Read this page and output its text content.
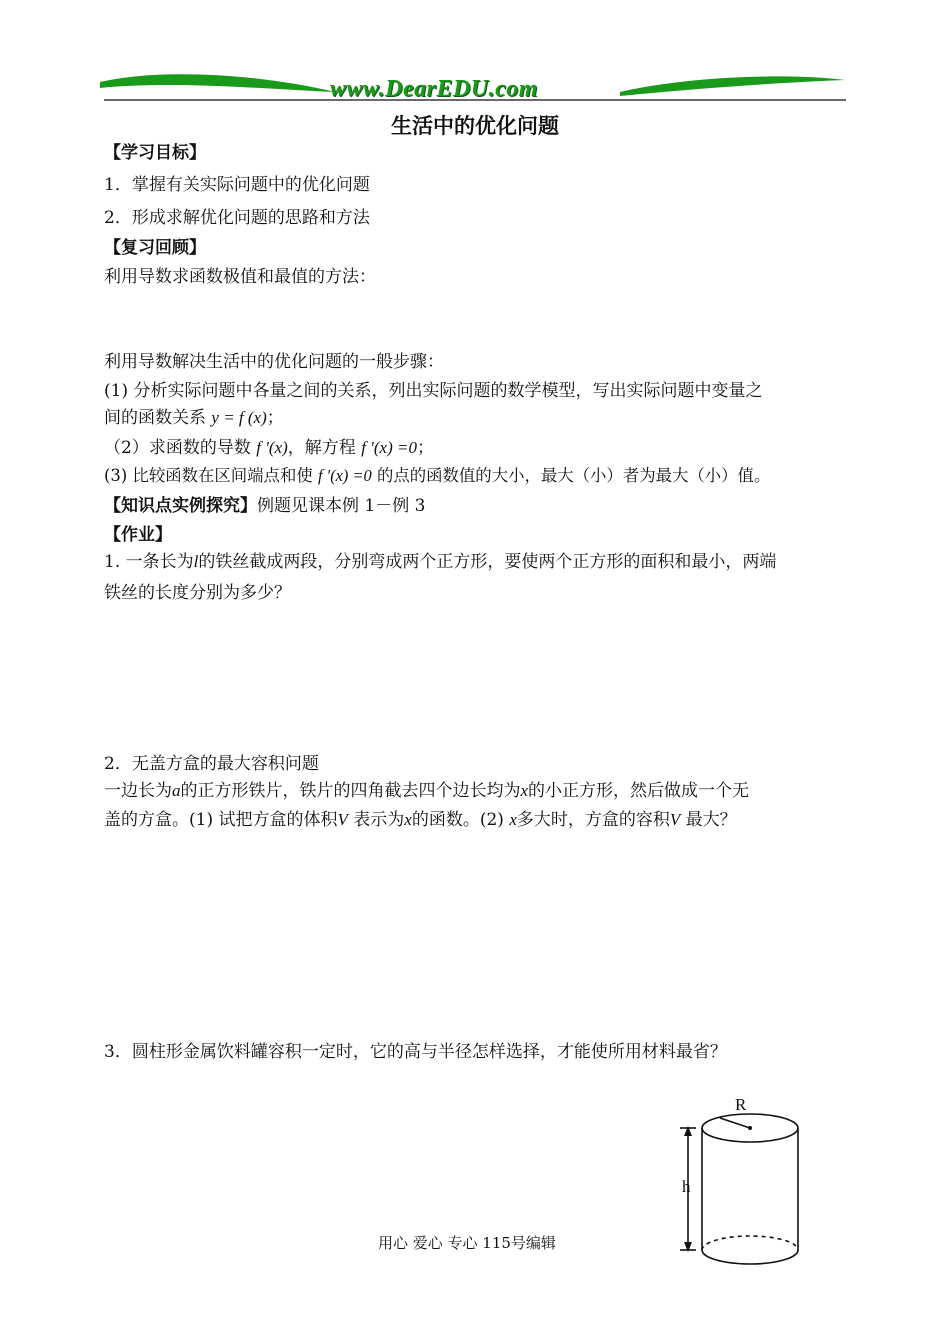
www.DearEDU.com
生活中的优化问题
【学习目标】
1．掌握有关实际问题中的优化问题
2．形成求解优化问题的思路和方法
【复习回顾】
利用导数求函数极值和最值的方法：
利用导数解决生活中的优化问题的一般步骤：
(1) 分析实际问题中各量之间的关系，列出实际问题的数学模型，写出实际问题中变量之
间的函数关系 y = f (x)；
（2）求函数的导数 f ′(x)，解方程 f ′(x) =0；
(3) 比较函数在区间端点和使 f ′(x) =0 的点的函数值的大小，最大（小）者为最大（小）值。
【知识点实例探究】例题见课本例 1－例 3
【作业】
1. 一条长为l的铁丝截成两段，分别弯成两个正方形，要使两个正方形的面积和最小，两端
铁丝的长度分别为多少？
2．无盖方盒的最大容积问题
一边长为a的正方形铁片，铁片的四角截去四个边长均为x的小正方形，然后做成一个无
盖的方盒。(1) 试把方盒的体积V 表示为x的函数。(2) x多大时，方盒的容积V 最大？
3．圆柱形金属饮料罐容积一定时，它的高与半径怎样选择，才能使所用材料最省？
R
h
用心 爱心 专心 115号编辑
